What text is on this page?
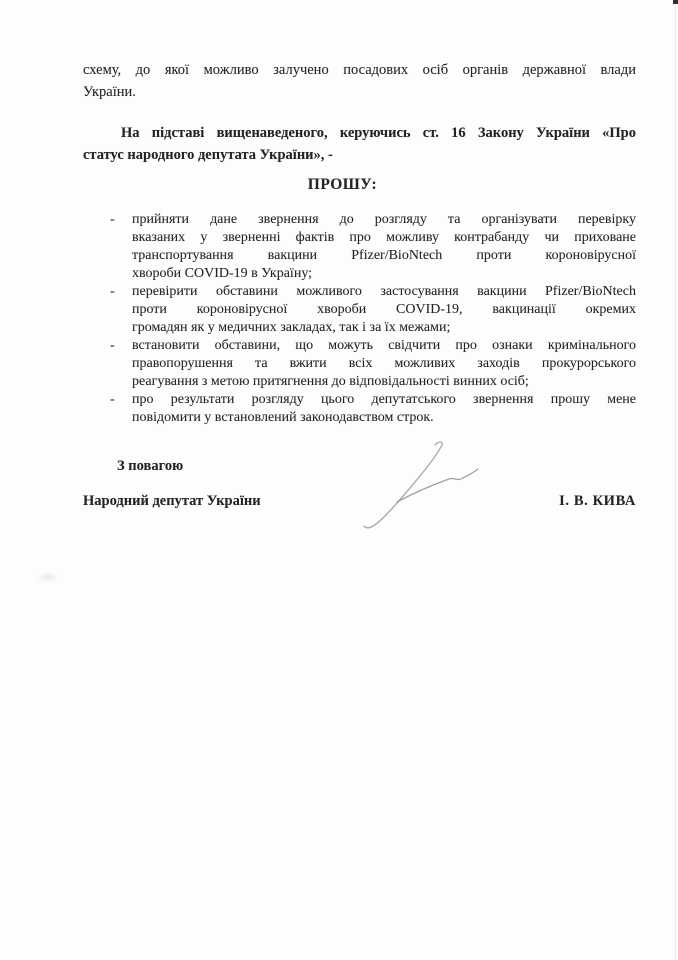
схему, до якої можливо залучено посадових осіб органів державної влади
України.
На підставі вищенаведеного, керуючись ст. 16 Закону України «Про
статус народного депутата України», -
ПРОШУ:
-	прийняти дане звернення до розгляду та організувати перевірку
вказаних у зверненні фактів про можливу контрабанду чи приховане
транспортування вакцини Pfizer/BioNtech проти короновірусної
хвороби COVID-19 в Україну;
-	перевірити обставини можливого застосування вакцини Pfizer/BioNtech
проти короновірусної хвороби COVID-19, вакцинації окремих
громадян як у медичних закладах, так і за їх межами;
-	встановити обставини, що можуть свідчити про ознаки кримінального
правопорушення та вжити всіх можливих заходів прокурорського
реагування з метою притягнення до відповідальності винних осіб;
-	про результати розгляду цього депутатського звернення прошу мене
повідомити у встановлений законодавством строк.
З повагою
Народний депутат України	І. В. КИВА
